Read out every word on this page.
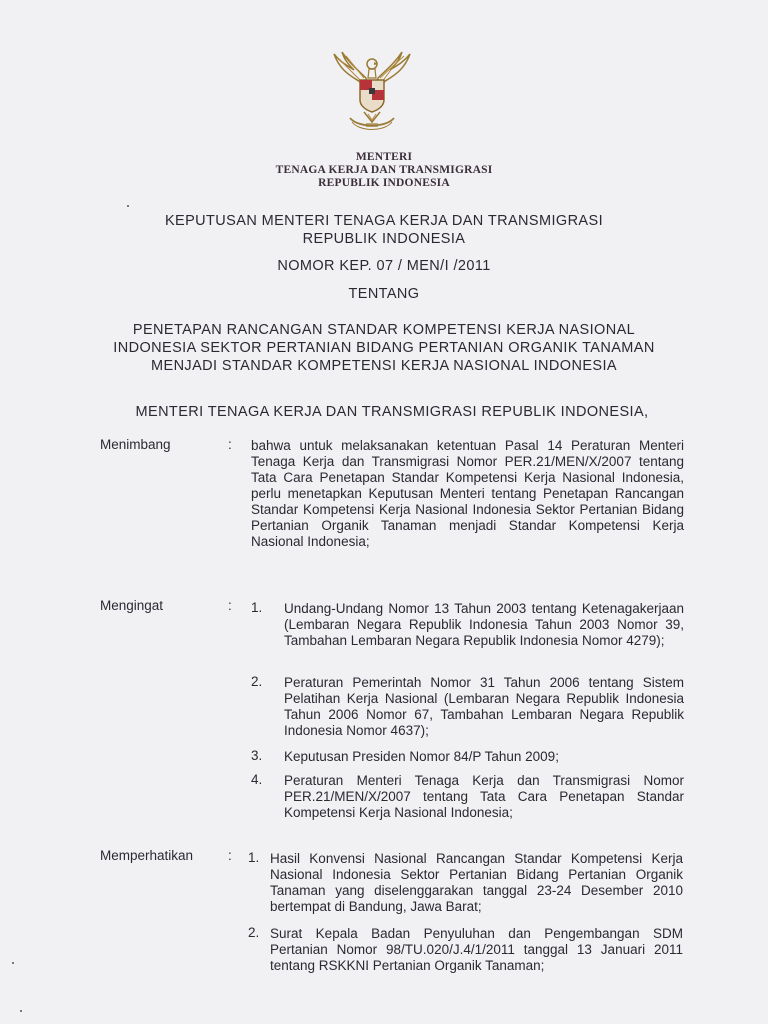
MENTERI
TENAGA KERJA DAN TRANSMIGRASI
REPUBLIK INDONESIA
KEPUTUSAN MENTERI TENAGA KERJA DAN TRANSMIGRASI
REPUBLIK INDONESIA
NOMOR KEP. 07 / MEN/I /2011
TENTANG
PENETAPAN RANCANGAN STANDAR KOMPETENSI KERJA NASIONAL
INDONESIA SEKTOR PERTANIAN BIDANG PERTANIAN ORGANIK TANAMAN
MENJADI STANDAR KOMPETENSI KERJA NASIONAL INDONESIA
MENTERI TENAGA KERJA DAN TRANSMIGRASI REPUBLIK INDONESIA,
Menimbang	: bahwa untuk melaksanakan ketentuan Pasal 14 Peraturan Menteri Tenaga Kerja dan Transmigrasi Nomor PER.21/MEN/X/2007 tentang Tata Cara Penetapan Standar Kompetensi Kerja Nasional Indonesia, perlu menetapkan Keputusan Menteri tentang Penetapan Rancangan Standar Kompetensi Kerja Nasional Indonesia Sektor Pertanian Bidang Pertanian Organik Tanaman menjadi Standar Kompetensi Kerja Nasional Indonesia;
Mengingat	: 1. Undang-Undang Nomor 13 Tahun 2003 tentang Ketenagakerjaan (Lembaran Negara Republik Indonesia Tahun 2003 Nomor 39, Tambahan Lembaran Negara Republik Indonesia Nomor 4279);
2. Peraturan Pemerintah Nomor 31 Tahun 2006 tentang Sistem Pelatihan Kerja Nasional (Lembaran Negara Republik Indonesia Tahun 2006 Nomor 67, Tambahan Lembaran Negara Republik Indonesia Nomor 4637);
3. Keputusan Presiden Nomor 84/P Tahun 2009;
4. Peraturan Menteri Tenaga Kerja dan Transmigrasi Nomor PER.21/MEN/X/2007 tentang Tata Cara Penetapan Standar Kompetensi Kerja Nasional Indonesia;
Memperhatikan	: 1. Hasil Konvensi Nasional Rancangan Standar Kompetensi Kerja Nasional Indonesia Sektor Pertanian Bidang Pertanian Organik Tanaman yang diselenggarakan tanggal 23-24 Desember 2010 bertempat di Bandung, Jawa Barat;
2. Surat Kepala Badan Penyuluhan dan Pengembangan SDM Pertanian Nomor 98/TU.020/J.4/1/2011 tanggal 13 Januari 2011 tentang RSKKNI Pertanian Organik Tanaman;
